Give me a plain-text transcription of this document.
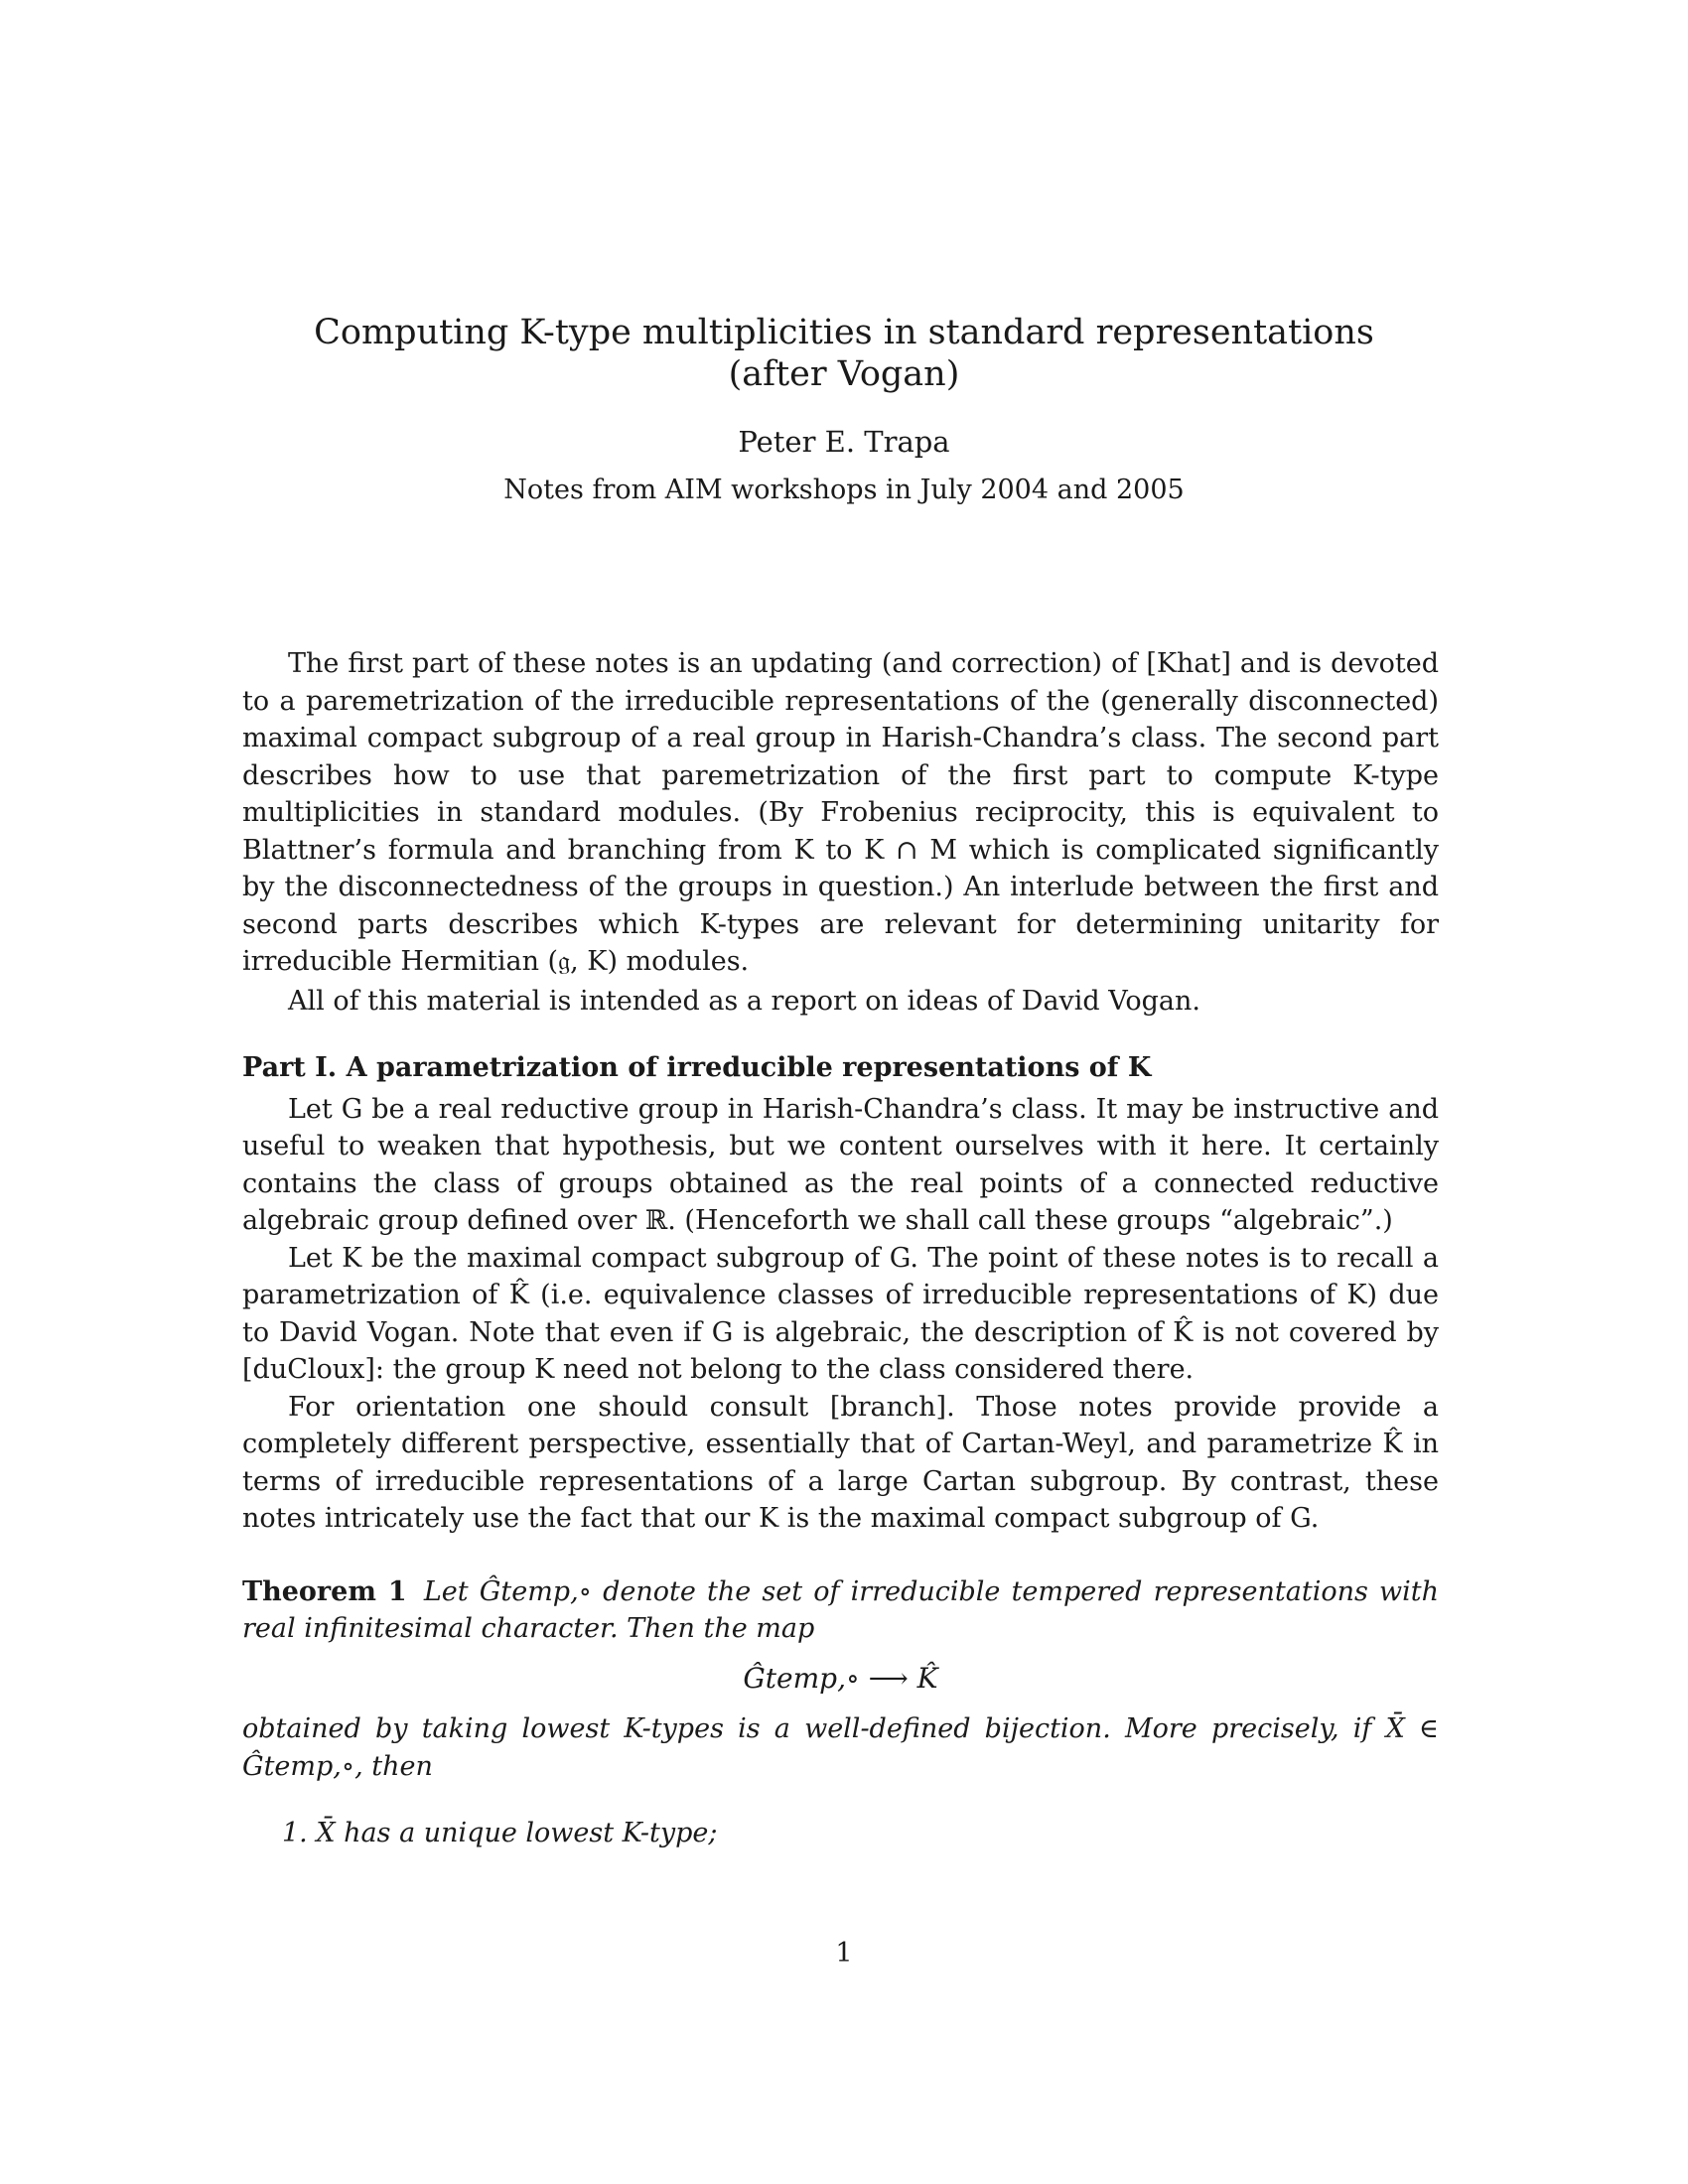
Computing K-type multiplicities in standard representations
(after Vogan)
Peter E. Trapa
Notes from AIM workshops in July 2004 and 2005

The first part of these notes is an updating (and correction) of [Khat] and is devoted to a paremetrization of the irreducible representations of the (generally disconnected) maximal compact subgroup of a real group in Harish-Chandra’s class. The second part describes how to use that paremetrization of the first part to compute K-type multiplicities in standard modules. (By Frobenius reciprocity, this is equivalent to Blattner’s formula and branching from K to K ∩ M which is complicated significantly by the disconnectedness of the groups in question.) An interlude between the first and second parts describes which K-types are relevant for determining unitarity for irreducible Hermitian (𝔤, K) modules.

All of this material is intended as a report on ideas of David Vogan.

Part I. A parametrization of irreducible representations of K

Let G be a real reductive group in Harish-Chandra’s class. It may be instructive and useful to weaken that hypothesis, but we content ourselves with it here. It certainly contains the class of groups obtained as the real points of a connected reductive algebraic group defined over ℝ. (Henceforth we shall call these groups “algebraic”.)

Let K be the maximal compact subgroup of G. The point of these notes is to recall a parametrization of K̂ (i.e. equivalence classes of irreducible representations of K) due to David Vogan. Note that even if G is algebraic, the description of K̂ is not covered by [duCloux]: the group K need not belong to the class considered there.

For orientation one should consult [branch]. Those notes provide provide a completely different perspective, essentially that of Cartan-Weyl, and parametrize K̂ in terms of irreducible representations of a large Cartan subgroup. By contrast, these notes intricately use the fact that our K is the maximal compact subgroup of G.

Theorem 1 Let Ĝtemp,∘ denote the set of irreducible tempered representations with real infinitesimal character. Then the map
Ĝtemp,∘ ⟶ K̂
obtained by taking lowest K-types is a well-defined bijection. More precisely, if X̄ ∈ Ĝtemp,∘, then
1. X̄ has a unique lowest K-type;
1
